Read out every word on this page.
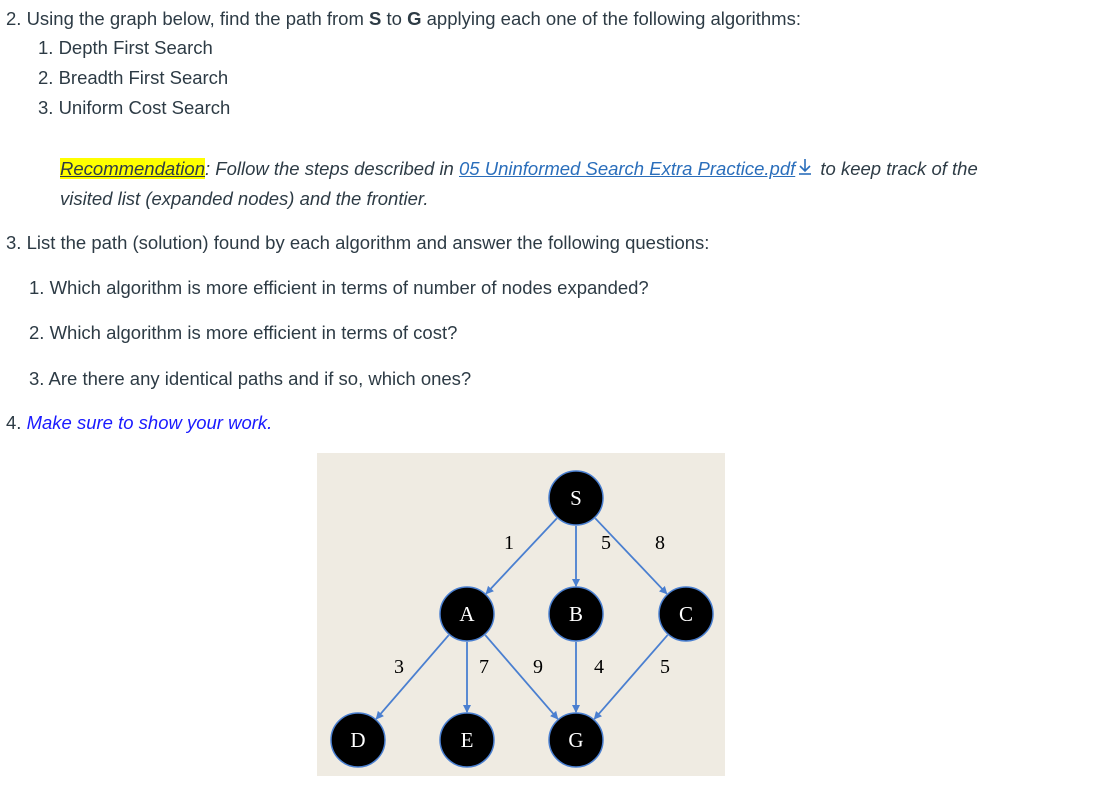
2. Using the graph below, find the path from S to G applying each one of the following algorithms:
1. Depth First Search
2. Breadth First Search
3. Uniform Cost Search
Recommendation: Follow the steps described in 05 Uninformed Search Extra Practice.pdf to keep track of the
visited list (expanded nodes) and the frontier.
3. List the path (solution) found by each algorithm and answer the following questions:
1. Which algorithm is more efficient in terms of number of nodes expanded?
2. Which algorithm is more efficient in terms of cost?
3. Are there any identical paths and if so, which ones?
4. Make sure to show your work.
1	5 8
3	7 9	4	5
S
A	B	C
D	E	G
